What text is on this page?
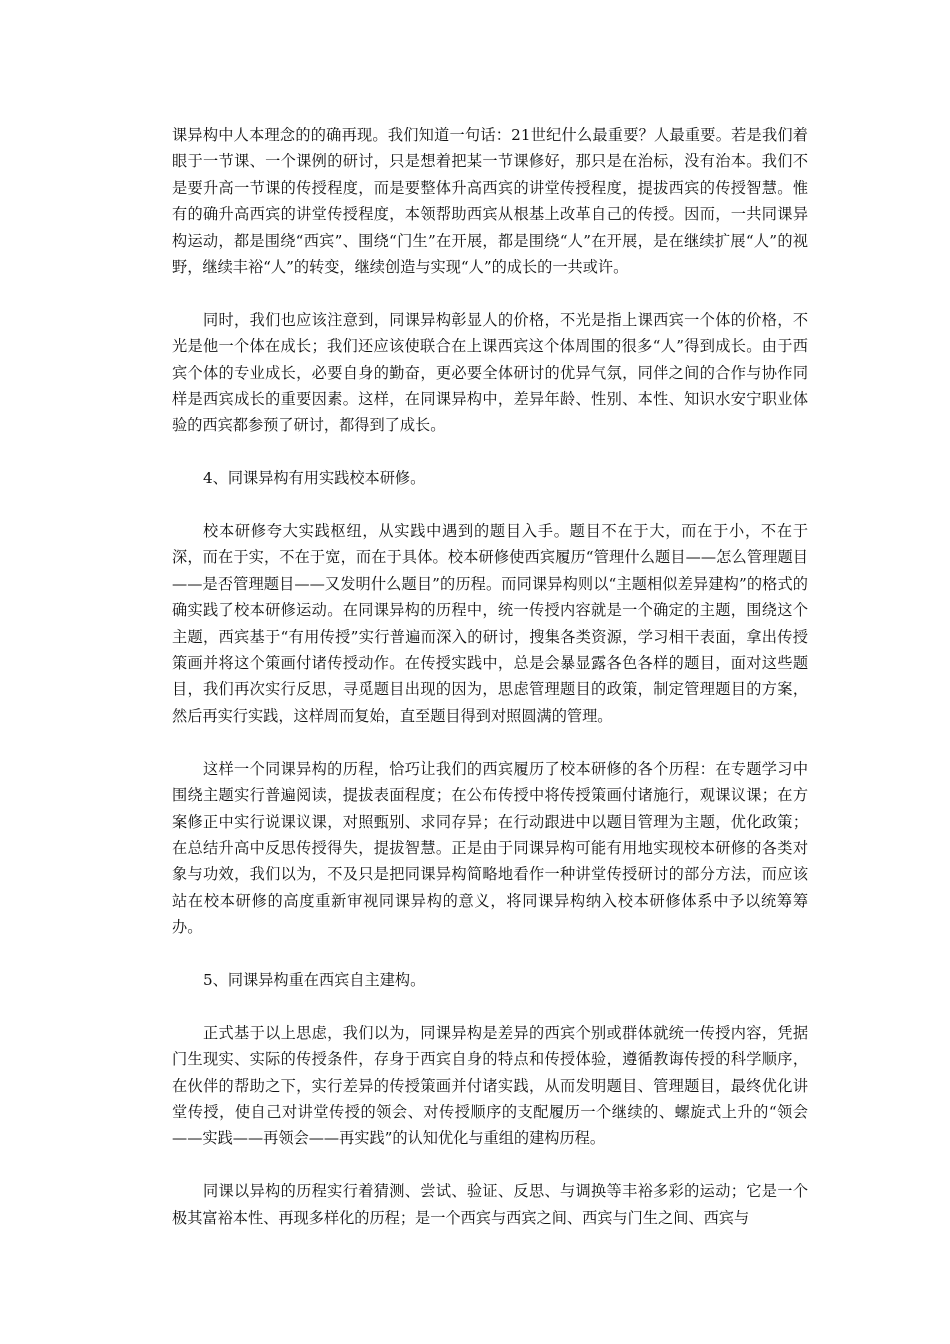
课异构中人本理念的的确再现。我们知道一句话：21世纪什么最重要？人最重要。若是我们着眼于一节课、一个课例的研讨，只是想着把某一节课修好，那只是在治标，没有治本。我们不是要升高一节课的传授程度，而是要整体升高西宾的讲堂传授程度，提拔西宾的传授智慧。惟有的确升高西宾的讲堂传授程度，本领帮助西宾从根基上改革自己的传授。因而，一共同课异构运动，都是围绕“西宾”、围绕“门生”在开展，都是围绕“人”在开展，是在继续扩展“人”的视野，继续丰裕“人”的转变，继续创造与实现“人”的成长的一共或许。

同时，我们也应该注意到，同课异构彰显人的价格，不光是指上课西宾一个体的价格，不光是他一个体在成长；我们还应该使联合在上课西宾这个体周围的很多“人”得到成长。由于西宾个体的专业成长，必要自身的勤奋，更必要全体研讨的优异气氛，同伴之间的合作与协作同样是西宾成长的重要因素。这样，在同课异构中，差异年龄、性别、本性、知识水安宁职业体验的西宾都参预了研讨，都得到了成长。

4、同课异构有用实践校本研修。

校本研修夸大实践枢纽，从实践中遇到的题目入手。题目不在于大，而在于小，不在于深，而在于实，不在于宽，而在于具体。校本研修使西宾履历“管理什么题目——怎么管理题目——是否管理题目——又发明什么题目”的历程。而同课异构则以“主题相似差异建构”的格式的确实践了校本研修运动。在同课异构的历程中，统一传授内容就是一个确定的主题，围绕这个主题，西宾基于“有用传授”实行普遍而深入的研讨，搜集各类资源，学习相干表面，拿出传授策画并将这个策画付诸传授动作。在传授实践中，总是会暴显露各色各样的题目，面对这些题目，我们再次实行反思，寻觅题目出现的因为，思虑管理题目的政策，制定管理题目的方案，然后再实行实践，这样周而复始，直至题目得到对照圆满的管理。

这样一个同课异构的历程，恰巧让我们的西宾履历了校本研修的各个历程：在专题学习中围绕主题实行普遍阅读，提拔表面程度；在公布传授中将传授策画付诸施行，观课议课；在方案修正中实行说课议课，对照甄别、求同存异；在行动跟进中以题目管理为主题，优化政策；在总结升高中反思传授得失，提拔智慧。正是由于同课异构可能有用地实现校本研修的各类对象与功效，我们以为，不及只是把同课异构简略地看作一种讲堂传授研讨的部分方法，而应该站在校本研修的高度重新审视同课异构的意义，将同课异构纳入校本研修体系中予以统筹筹办。

5、同课异构重在西宾自主建构。

正式基于以上思虑，我们以为，同课异构是差异的西宾个别或群体就统一传授内容，凭据门生现实、实际的传授条件，存身于西宾自身的特点和传授体验，遵循教诲传授的科学顺序，在伙伴的帮助之下，实行差异的传授策画并付诸实践，从而发明题目、管理题目，最终优化讲堂传授，使自己对讲堂传授的领会、对传授顺序的支配履历一个继续的、螺旋式上升的“领会——实践——再领会——再实践”的认知优化与重组的建构历程。

同课以异构的历程实行着猜测、尝试、验证、反思、与调换等丰裕多彩的运动；它是一个极其富裕本性、再现多样化的历程；是一个西宾与西宾之间、西宾与门生之间、西宾与
